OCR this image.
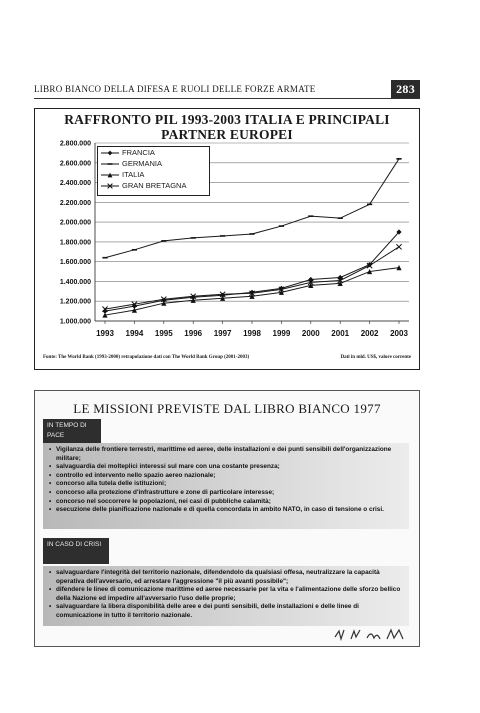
LIBRO BIANCO DELLA DIFESA E RUOLI DELLE FORZE ARMATE	283
1.000.000
1.200.000
1.400.000
1.600.000
1.800.000
2.000.000
2.200.000
2.400.000
2.600.000
2.800.000
1993 1994 1995 1996 1997 1998 1999 2000 2001 2002 2003
RAFFRONTO PIL 1993-2003 ITALIA E PRINCIPALI PARTNER EUROPEI
FRANCIA
GERMANIA
ITALIA
GRAN BRETAGNA
Fonte: The World Bank (1993-2000) retrapolazione dati con The World Bank Group (2001-2003)	Dati in mld. US$, valore corrente
LE MISSIONI PREVISTE DAL LIBRO BIANCO 1977
IN TEMPO DI PACE
• Vigilanza delle frontiere terrestri, marittime ed aeree, delle installazioni e dei punti sensibili dell'organizzazione militare;
• salvaguardia dei molteplici interessi sul mare con una costante presenza;
• controllo ed intervento nello spazio aereo nazionale;
• concorso alla tutela delle istituzioni;
• concorso alla protezione d'infrastrutture e zone di particolare interesse;
• concorso nel soccorrere le popolazioni, nei casi di pubbliche calamità;
• esecuzione delle pianificazione nazionale e di quella concordata in ambito NATO, in caso di tensione o crisi.
IN CASO DI CRISI
• salvaguardare l'integrità del territorio nazionale, difendendolo da qualsiasi offesa, neutralizzare la capacità operativa dell'avversario, ed arrestare l'aggressione "il più avanti possibile";
• difendere le linee di comunicazione marittime ed aeree necessarie per la vita e l'alimentazione delle sforzo bellico della Nazione ed impedire all'avversario l'uso delle proprie;
• salvaguardare la libera disponibilità delle aree e dei punti sensibili, delle installazioni e delle linee di comunicazione in tutto il territorio nazionale.
